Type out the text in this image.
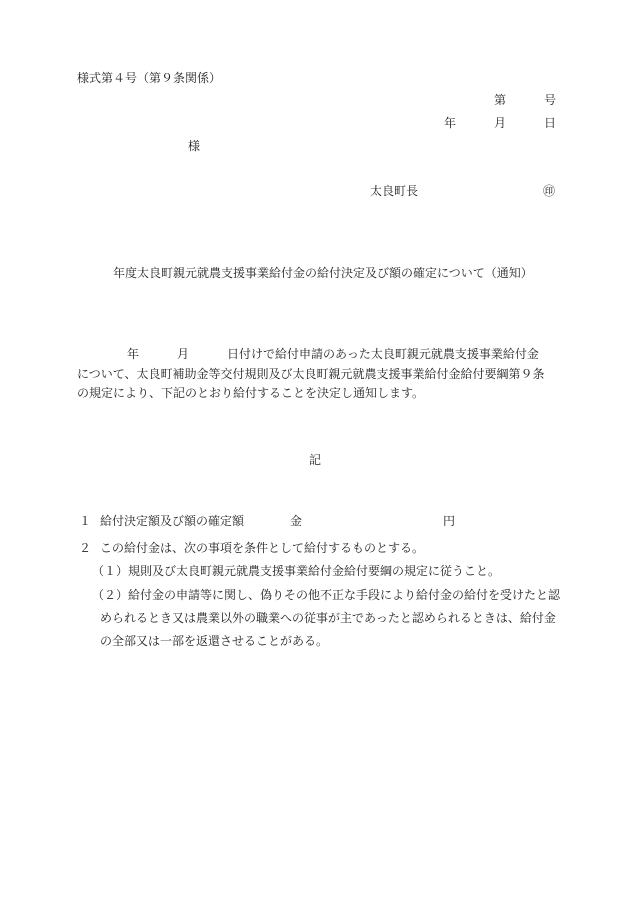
様式第４号（第９条関係）
第	号
年	月	日
様
太良町長	㊞
年度太良町親元就農支援事業給付金の給付決定及び額の確定について（通知）
年	月	日付けで給付申請のあった太良町親元就農支援事業給付金
について、太良町補助金等交付規則及び太良町親元就農支援事業給付金給付要綱第９条
の規定により、下記のとおり給付することを決定し通知します。
記
１ 給付決定額及び額の確定額	金	円
２ この給付金は、次の事項を条件として給付するものとする。
（１）規則及び太良町親元就農支援事業給付金給付要綱の規定に従うこと。
（２）給付金の申請等に関し、偽りその他不正な手段により給付金の給付を受けたと認
められるとき又は農業以外の職業への従事が主であったと認められるときは、給付金
の全部又は一部を返還させることがある。
